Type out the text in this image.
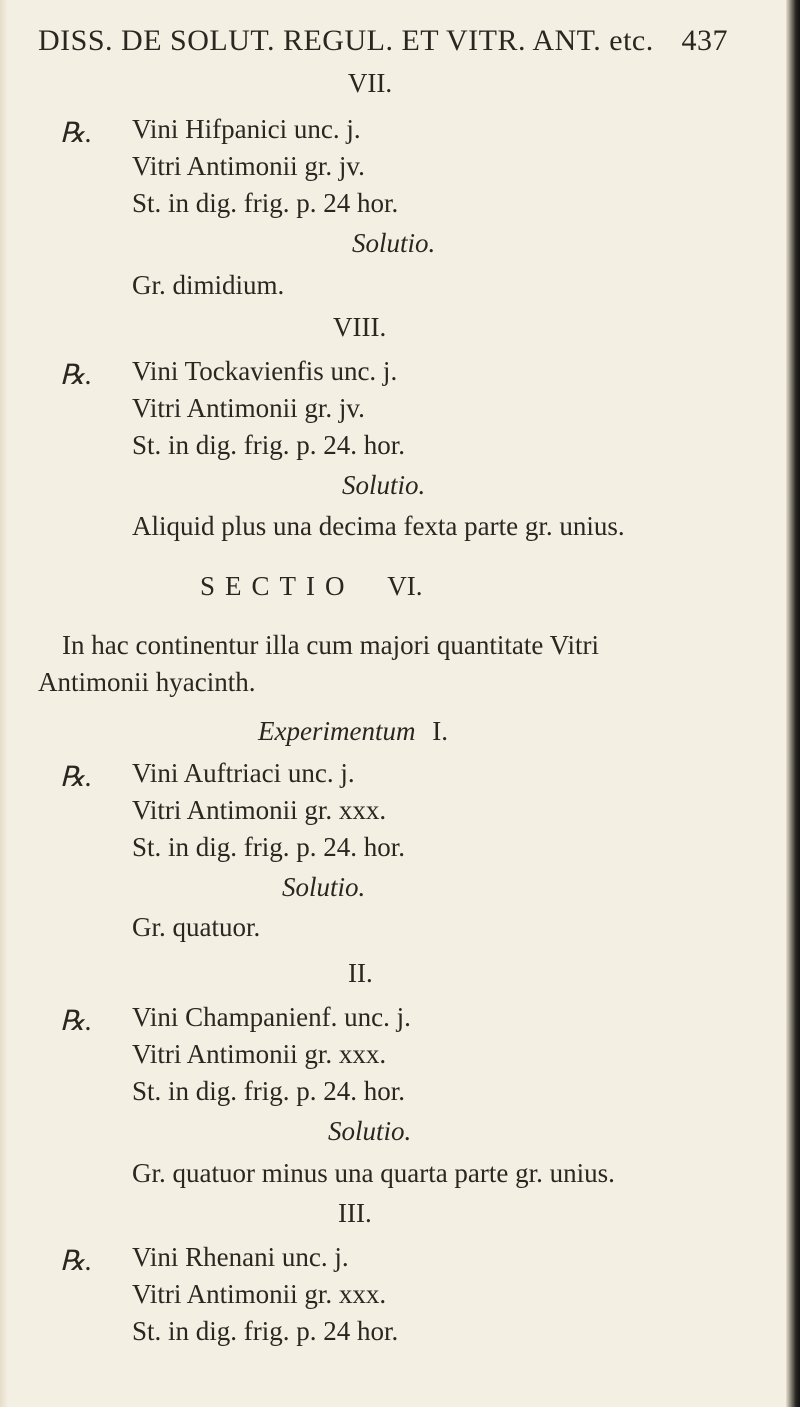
DISS. DE SOLUT. REGUL. ET VITR. ANT. etc. 437
VII.
℞. Vini Hifpanici unc. j.
Vitri Antimonii gr. jv.
St. in dig. frig. p. 24 hor.
Solutio.
Gr. dimidium.
VIII.
℞. Vini Tockavienfis unc. j.
Vitri Antimonii gr. jv.
St. in dig. frig. p. 24. hor.
Solutio.
Aliquid plus una decima fexta parte gr. unius.
SECTIO VI.
In hac continentur illa cum majori quantitate Vitri
Antimonii hyacinth.
Experimentum I.
℞. Vini Auftriaci unc. j.
Vitri Antimonii gr. xxx.
St. in dig. frig. p. 24. hor.
Solutio.
Gr. quatuor.
II.
℞. Vini Champanienf. unc. j.
Vitri Antimonii gr. xxx.
St. in dig. frig. p. 24. hor.
Solutio.
Gr. quatuor minus una quarta parte gr. unius.
III.
℞. Vini Rhenani unc. j.
Vitri Antimonii gr. xxx.
St. in dig. frig. p. 24 hor.
